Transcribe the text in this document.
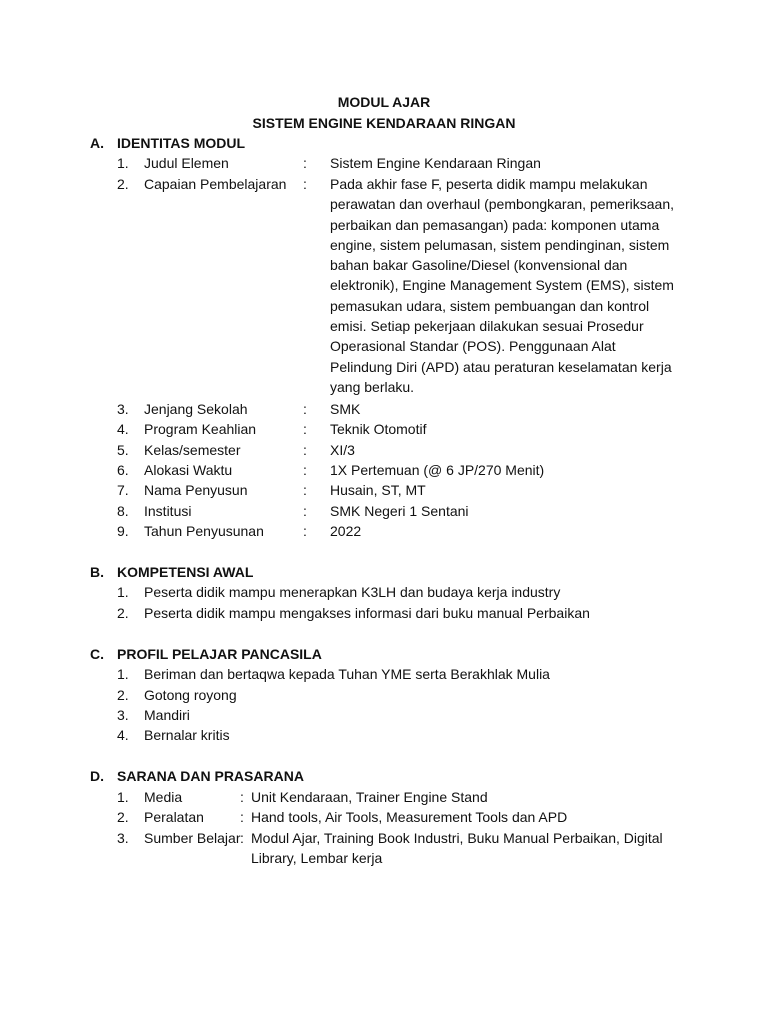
MODUL AJAR
SISTEM ENGINE KENDARAAN RINGAN
A. IDENTITAS MODUL
1. Judul Elemen	: Sistem Engine Kendaraan Ringan
2. Capaian Pembelajaran : Pada akhir fase F, peserta didik mampu melakukan perawatan dan overhaul (pembongkaran, pemeriksaan, perbaikan dan pemasangan) pada: komponen utama engine, sistem pelumasan, sistem pendinginan, sistem bahan bakar Gasoline/Diesel (konvensional dan elektronik), Engine Management System (EMS), sistem pemasukan udara, sistem pembuangan dan kontrol emisi. Setiap pekerjaan dilakukan sesuai Prosedur Operasional Standar (POS). Penggunaan Alat Pelindung Diri (APD) atau peraturan keselamatan kerja yang berlaku.
3. Jenjang Sekolah	: SMK
4. Program Keahlian	: Teknik Otomotif
5. Kelas/semester	: XI/3
6. Alokasi Waktu	: 1X Pertemuan (@ 6 JP/270 Menit)
7. Nama Penyusun	: Husain, ST, MT
8. Institusi	: SMK Negeri 1 Sentani
9. Tahun Penyusunan	: 2022
B. KOMPETENSI AWAL
1. Peserta didik mampu menerapkan K3LH dan budaya kerja industry
2. Peserta didik mampu mengakses informasi dari buku manual Perbaikan
C. PROFIL PELAJAR PANCASILA
1. Beriman dan bertaqwa kepada Tuhan YME serta Berakhlak Mulia
2. Gotong royong
3. Mandiri
4. Bernalar kritis
D. SARANA DAN PRASARANA
1. Media	: Unit Kendaraan, Trainer Engine Stand
2. Peralatan	: Hand tools, Air Tools, Measurement Tools dan APD
3. Sumber Belajar : Modul Ajar, Training Book Industri, Buku Manual Perbaikan, Digital Library, Lembar kerja
